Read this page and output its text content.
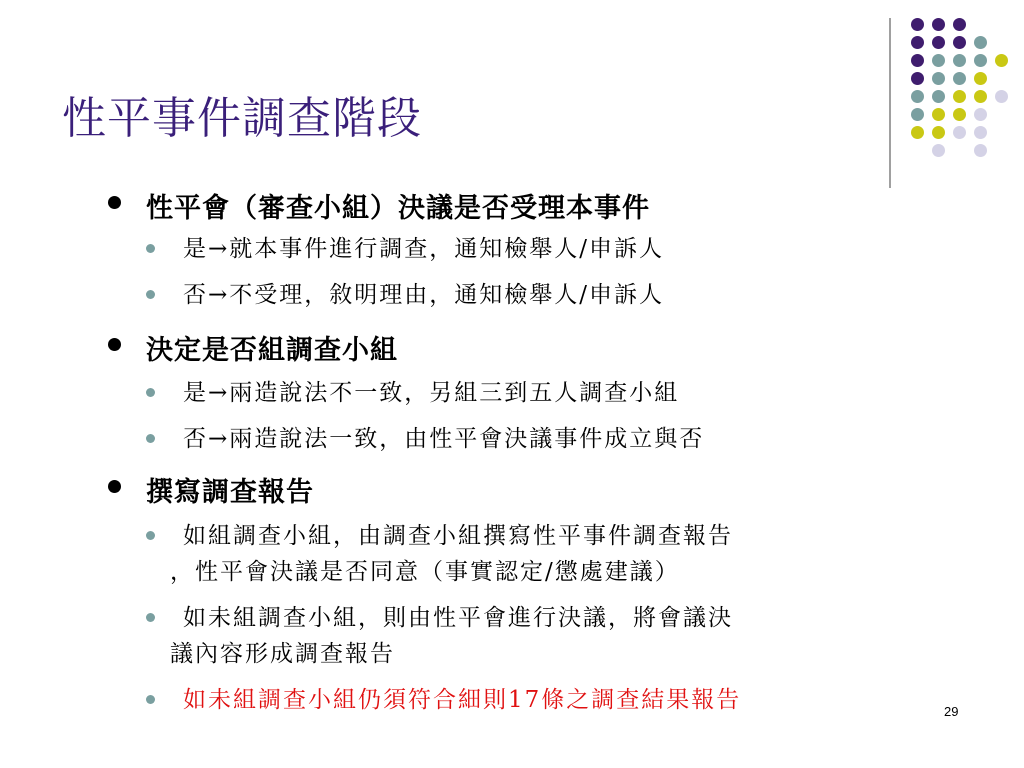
性平事件調查階段
性平會（審查小組）決議是否受理本事件
是→就本事件進行調查，通知檢舉人/申訴人
否→不受理，敘明理由，通知檢舉人/申訴人
決定是否組調查小組
是→兩造說法不一致，另組三到五人調查小組
否→兩造說法一致，由性平會決議事件成立與否
撰寫調查報告
如組調查小組，由調查小組撰寫性平事件調查報告
，性平會決議是否同意（事實認定/懲處建議）
如未組調查小組，則由性平會進行決議，將會議決
議內容形成調查報告
如未組調查小組仍須符合細則17條之調查結果報告	29
